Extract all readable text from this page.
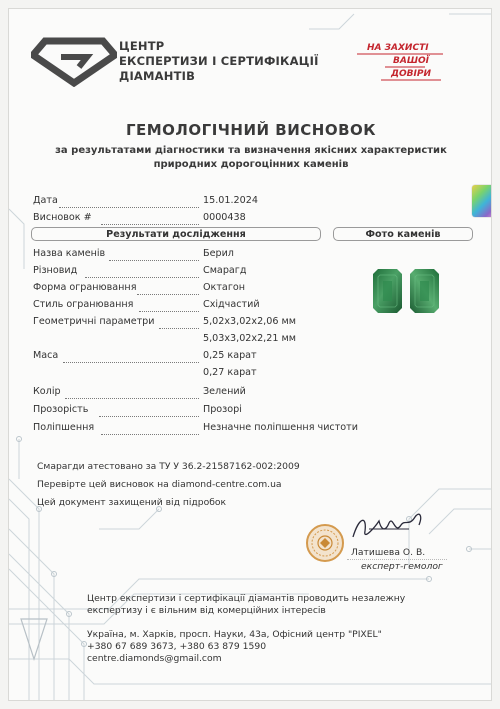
ЦЕНТР
ЕКСПЕРТИЗИ І СЕРТИФІКАЦІЇ
ДІАМАНТІВ
НА ЗАХИСТІ
ВАШОЇ
ДОВІРИ
ГЕМОЛОГІЧНИЙ ВИСНОВОК
за результатами діагностики та визначення якісних характеристик
природних дорогоцінних каменів
Дата	15.01.2024
Висновок #	0000438
Результати дослідження	Фото каменів
Назва каменів	Берил
Різновид	Смарагд
Форма огранювання	Октагон
Стиль огранювання	Східчастий
Геометричні параметри	5,02x3,02x2,06 мм
5,03x3,02x2,21 мм
Маса	0,25 карат
0,27 карат
Колір	Зелений
Прозорість	Прозорі
Поліпшення	Незначне поліпшення чистоти
Смарагди атестовано за ТУ У 36.2-21587162-002:2009
Перевірте цей висновок на diamond-centre.com.ua
Цей документ захищений від підробок
Латишева О. В.
експерт-гемолог
Центр експертизи і сертифікації діамантів проводить незалежну
експертизу і є вільним від комерційних інтересів
Україна, м. Харків, просп. Науки, 43а, Офісний центр "PIXEL"
+380 67 689 3673, +380 63 879 1590
centre.diamonds@gmail.com
